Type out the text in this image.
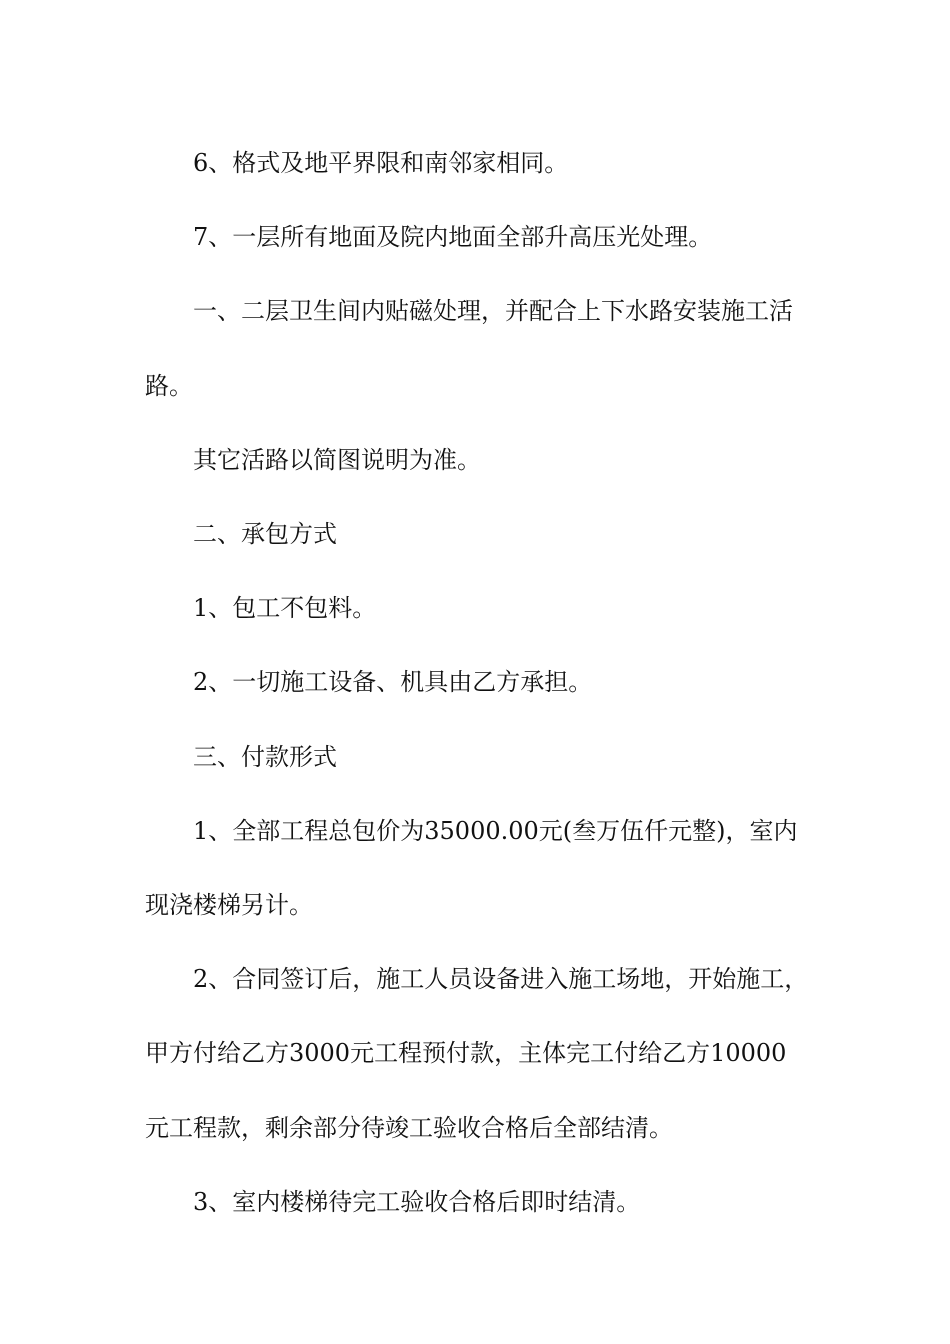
6、格式及地平界限和南邻家相同。

7、一层所有地面及院内地面全部升高压光处理。

一、二层卫生间内贴磁处理，并配合上下水路安装施工活路。

其它活路以简图说明为准。

二、承包方式

1、包工不包料。

2、一切施工设备、机具由乙方承担。

三、付款形式

1、全部工程总包价为35000.00元(叁万伍仟元整)，室内现浇楼梯另计。

2、合同签订后，施工人员设备进入施工场地，开始施工，甲方付给乙方3000元工程预付款，主体完工付给乙方10000元工程款，剩余部分待竣工验收合格后全部结清。

3、室内楼梯待完工验收合格后即时结清。
